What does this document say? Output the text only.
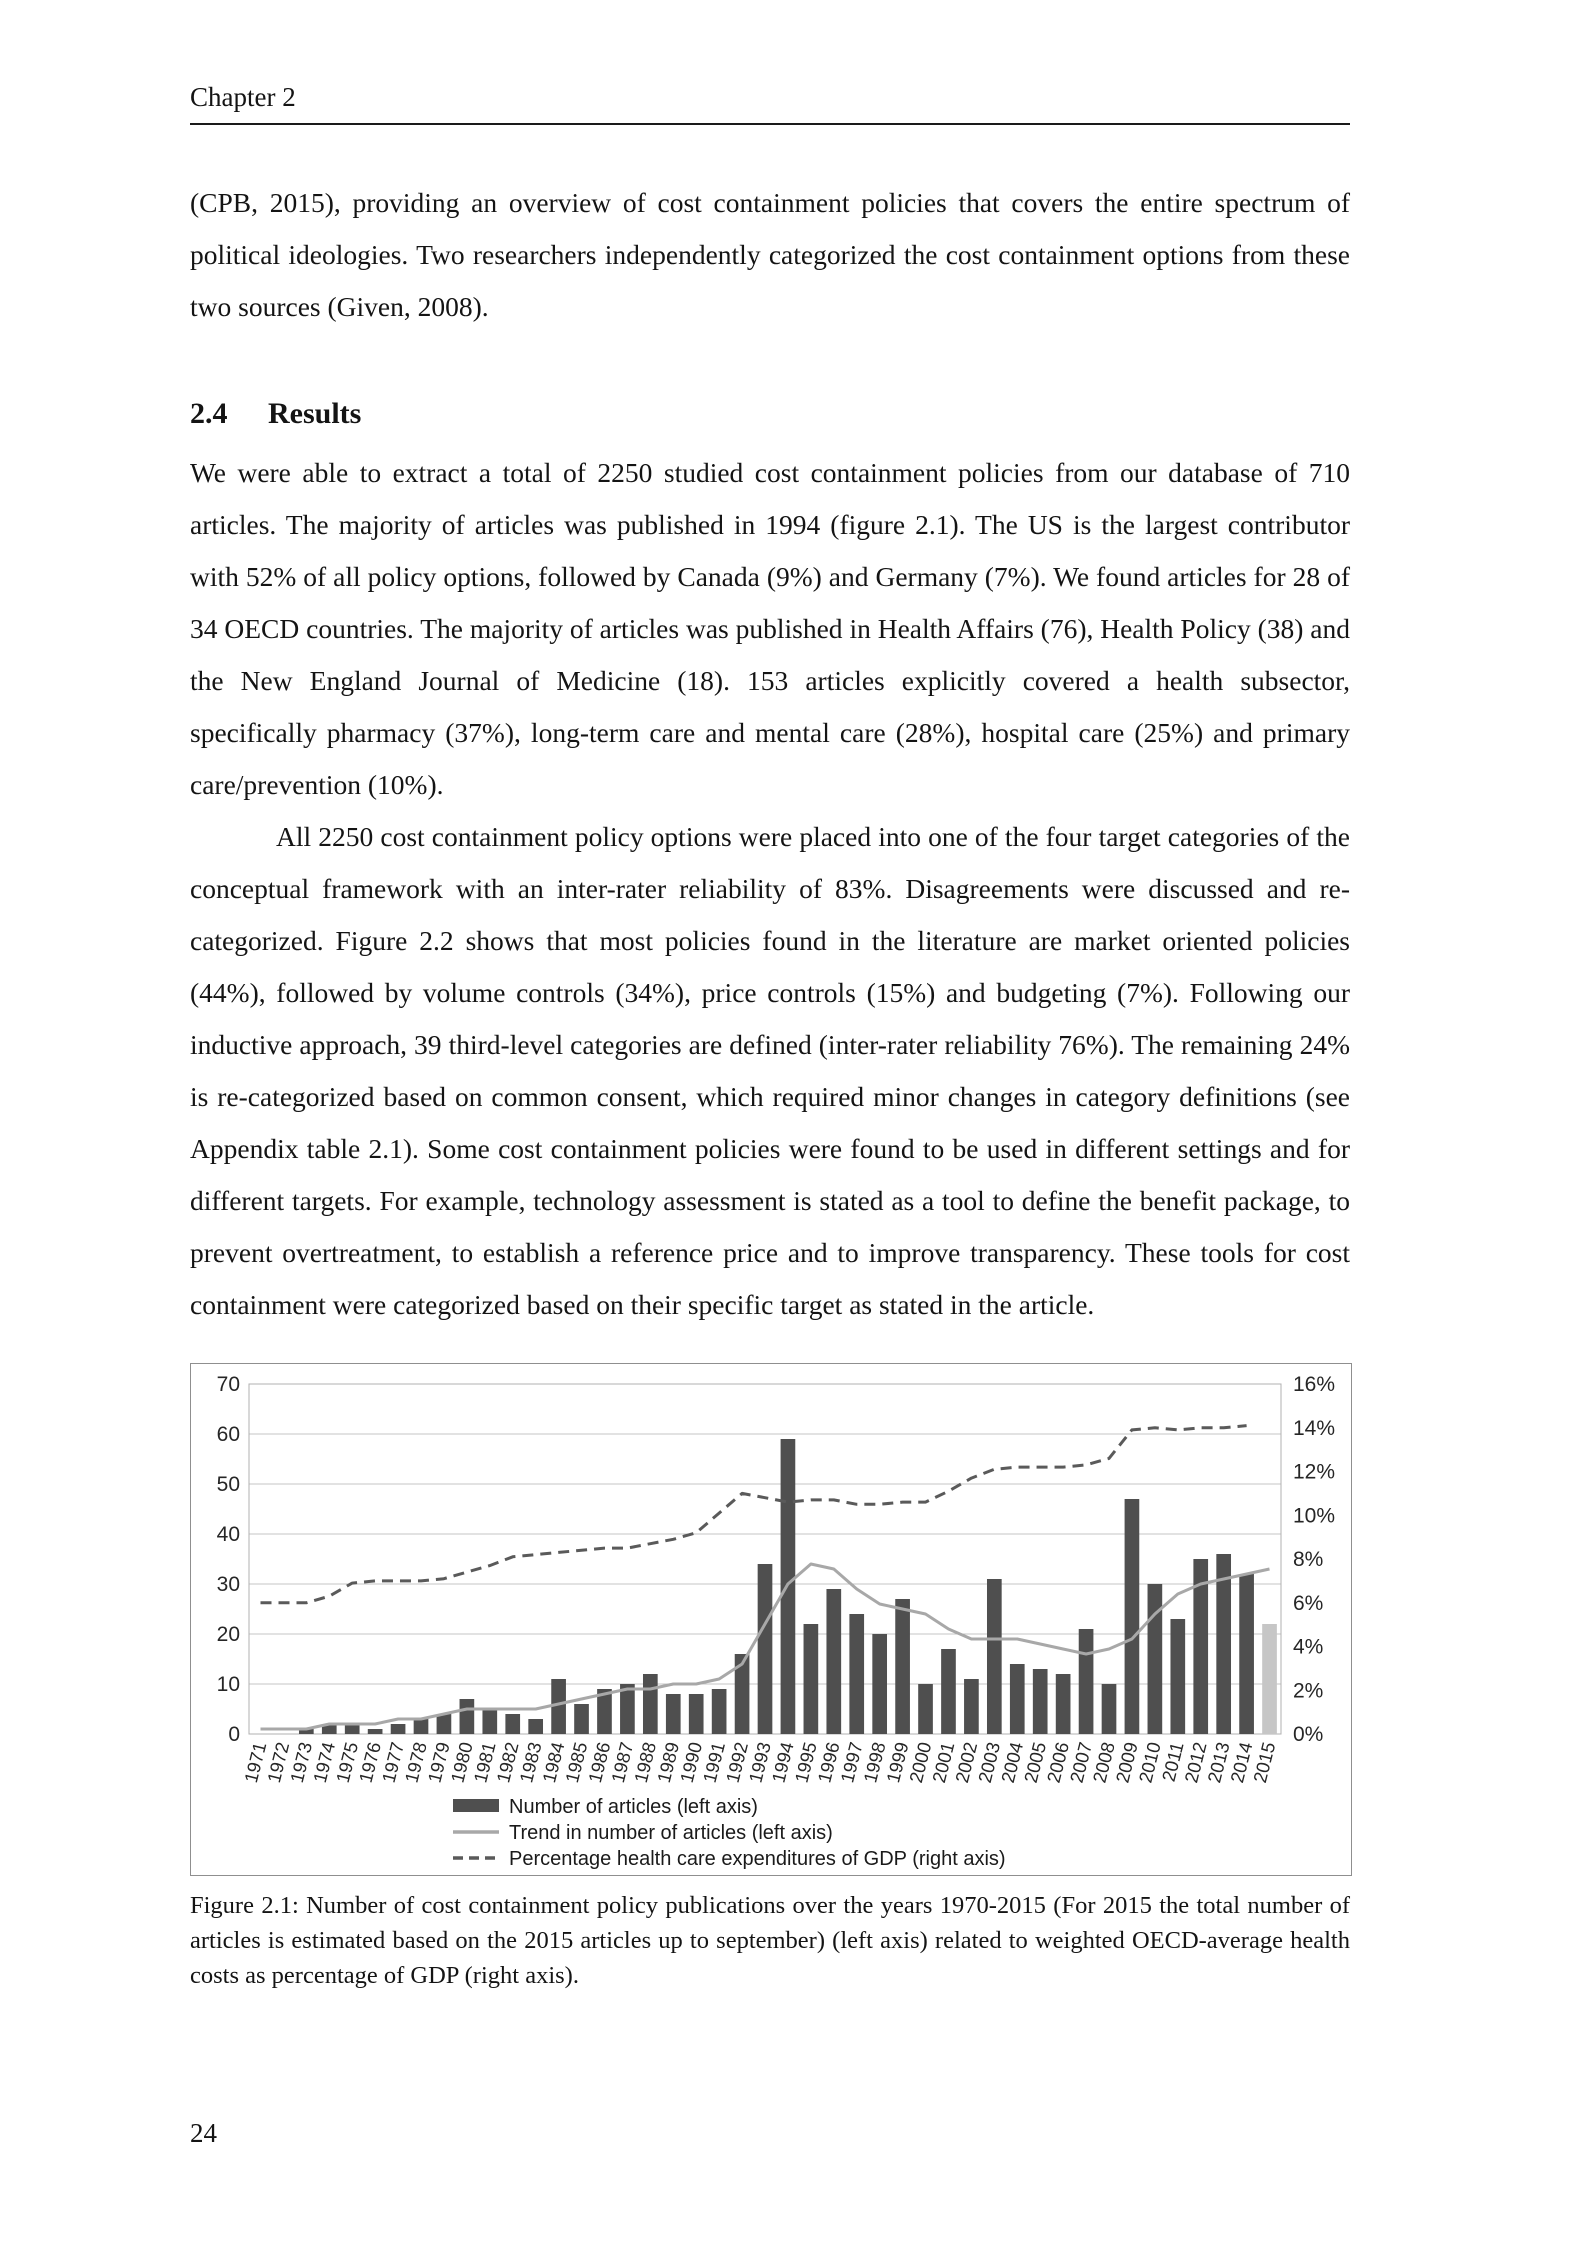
Chapter 2

(CPB, 2015), providing an overview of cost containment policies that covers the entire spectrum of political ideologies. Two researchers independently categorized the cost containment options from these two sources (Given, 2008).

2.4 Results

We were able to extract a total of 2250 studied cost containment policies from our database of 710 articles. The majority of articles was published in 1994 (figure 2.1). The US is the largest contributor with 52% of all policy options, followed by Canada (9%) and Germany (7%). We found articles for 28 of 34 OECD countries. The majority of articles was published in Health Affairs (76), Health Policy (38) and the New England Journal of Medicine (18). 153 articles explicitly covered a health subsector, specifically pharmacy (37%), long-term care and mental care (28%), hospital care (25%) and primary care/prevention (10%).

All 2250 cost containment policy options were placed into one of the four target categories of the conceptual framework with an inter-rater reliability of 83%. Disagreements were discussed and re-categorized. Figure 2.2 shows that most policies found in the literature are market oriented policies (44%), followed by volume controls (34%), price controls (15%) and budgeting (7%). Following our inductive approach, 39 third-level categories are defined (inter-rater reliability 76%). The remaining 24% is re-categorized based on common consent, which required minor changes in category definitions (see Appendix table 2.1). Some cost containment policies were found to be used in different settings and for different targets. For example, technology assessment is stated as a tool to define the benefit package, to prevent overtreatment, to establish a reference price and to improve transparency. These tools for cost containment were categorized based on their specific target as stated in the article.

0
10
20
30
40
50
60
70
0%
2%
4%
6%
8%
10%
12%
14%
16%
1971
1972
1973
1974
1975
1976
1977
1978
1979
1980
1981
1982
1983
1984
1985
1986
1987
1988
1989
1990
1991
1992
1993
1994
1995
1996
1997
1998
1999
2000
2001
2002
2003
2004
2005
2006
2007
2008
2009
2010
2011
2012
2013
2014
2015
Number of articles (left axis)
Trend in number of articles (left axis)
Percentage health care expenditures of GDP (right axis)
Figure 2.1: Number of cost containment policy publications over the years 1970-2015 (For 2015 the total number of articles is estimated based on the 2015 articles up to september) (left axis) related to weighted OECD-average health costs as percentage of GDP (right axis).
24
